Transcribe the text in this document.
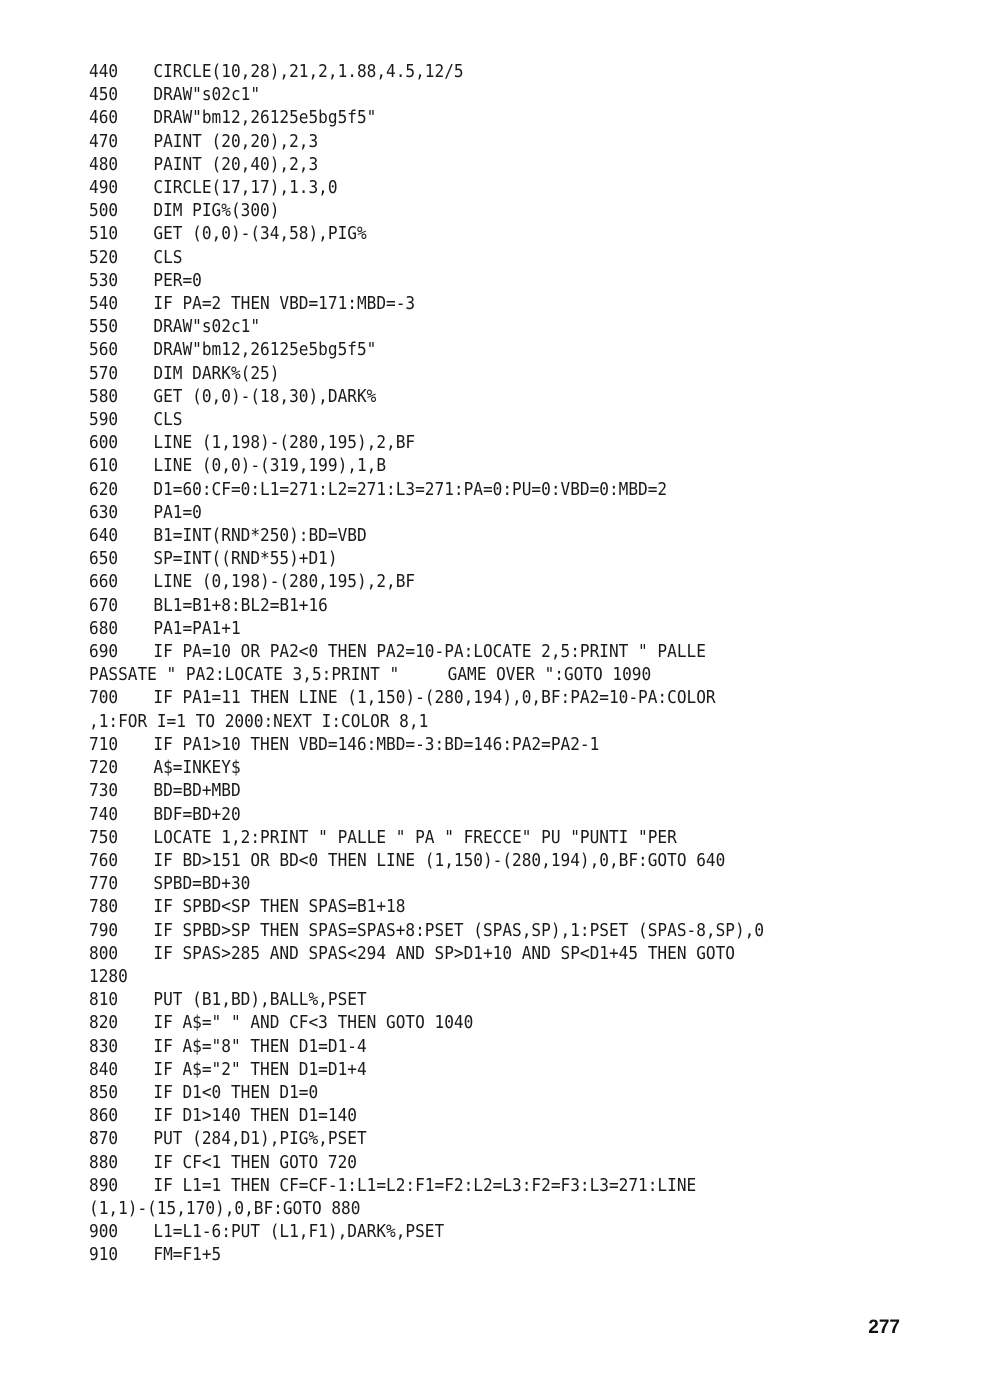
440	CIRCLE(10,28),21,2,1.88,4.5,12/5
450	DRAW"s02c1"
460	DRAW"bm12,26125e5bg5f5"
470	PAINT (20,20),2,3
480	PAINT (20,40),2,3
490	CIRCLE(17,17),1.3,0
500	DIM PIG%(300)
510	GET (0,0)-(34,58),PIG%
520	CLS
530	PER=0
540	IF PA=2 THEN VBD=171:MBD=-3
550	DRAW"s02c1"
560	DRAW"bm12,26125e5bg5f5"
570	DIM DARK%(25)
580	GET (0,0)-(18,30),DARK%
590	CLS
600	LINE (1,198)-(280,195),2,BF
610	LINE (0,0)-(319,199),1,B
620	D1=60:CF=0:L1=271:L2=271:L3=271:PA=0:PU=0:VBD=0:MBD=2
630	PA1=0
640	B1=INT(RND*250):BD=VBD
650	SP=INT((RND*55)+D1)
660	LINE (0,198)-(280,195),2,BF
670	BL1=B1+8:BL2=B1+16
680	PA1=PA1+1
690	IF PA=10 OR PA2<0 THEN PA2=10-PA:LOCATE 2,5:PRINT " PALLE
PASSATE " PA2:LOCATE 3,5:PRINT "     GAME OVER ":GOTO 1090
700	IF PA1=11 THEN LINE (1,150)-(280,194),0,BF:PA2=10-PA:COLOR
,1:FOR I=1 TO 2000:NEXT I:COLOR 8,1
710	IF PA1>10 THEN VBD=146:MBD=-3:BD=146:PA2=PA2-1
720	A$=INKEY$
730	BD=BD+MBD
740	BDF=BD+20
750	LOCATE 1,2:PRINT " PALLE " PA " FRECCE" PU "PUNTI "PER
760	IF BD>151 OR BD<0 THEN LINE (1,150)-(280,194),0,BF:GOTO 640
770	SPBD=BD+30
780	IF SPBD<SP THEN SPAS=B1+18
790	IF SPBD>SP THEN SPAS=SPAS+8:PSET (SPAS,SP),1:PSET (SPAS-8,SP),0
800	IF SPAS>285 AND SPAS<294 AND SP>D1+10 AND SP<D1+45 THEN GOTO
1280
810	PUT (B1,BD),BALL%,PSET
820	IF A$=" " AND CF<3 THEN GOTO 1040
830	IF A$="8" THEN D1=D1-4
840	IF A$="2" THEN D1=D1+4
850	IF D1<0 THEN D1=0
860	IF D1>140 THEN D1=140
870	PUT (284,D1),PIG%,PSET
880	IF CF<1 THEN GOTO 720
890	IF L1=1 THEN CF=CF-1:L1=L2:F1=F2:L2=L3:F2=F3:L3=271:LINE
(1,1)-(15,170),0,BF:GOTO 880
900	L1=L1-6:PUT (L1,F1),DARK%,PSET
910	FM=F1+5
277
